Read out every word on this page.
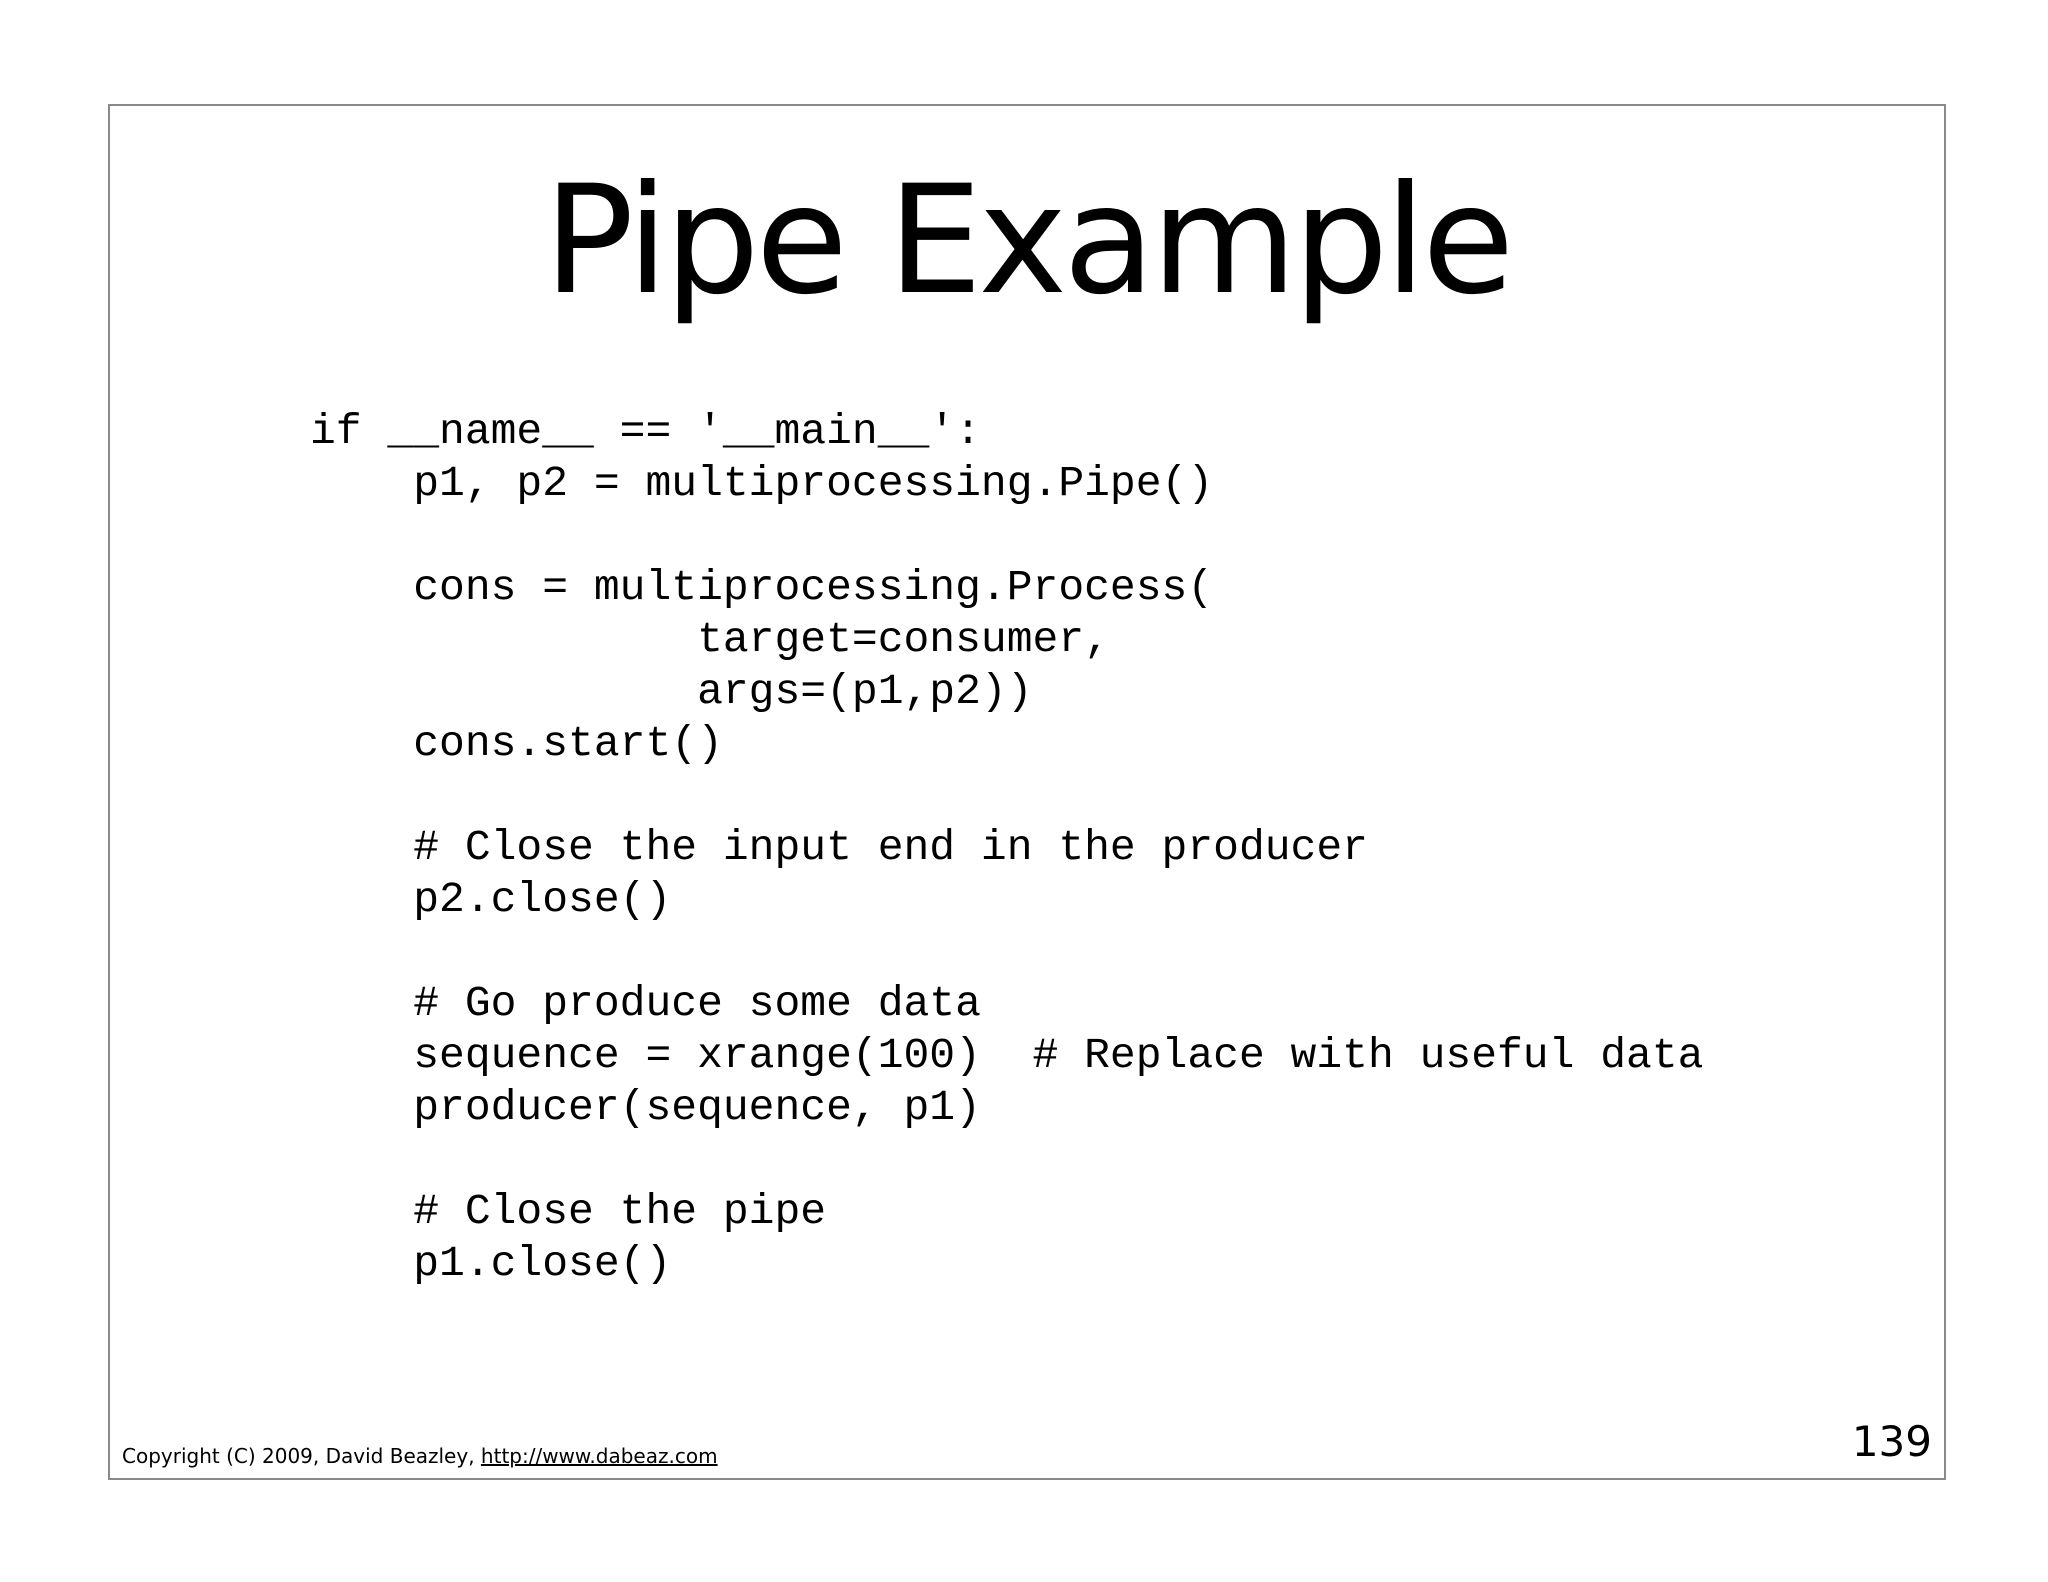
Pipe Example
if __name__ == '__main__':
p1, p2 = multiprocessing.Pipe()
cons = multiprocessing.Process(
target=consumer,
args=(p1,p2))
cons.start()
# Close the input end in the producer
p2.close()
# Go produce some data
sequence = xrange(100)  # Replace with useful data
producer(sequence, p1)
# Close the pipe
p1.close()
Copyright (C) 2009, David Beazley, http://www.dabeaz.com	139
